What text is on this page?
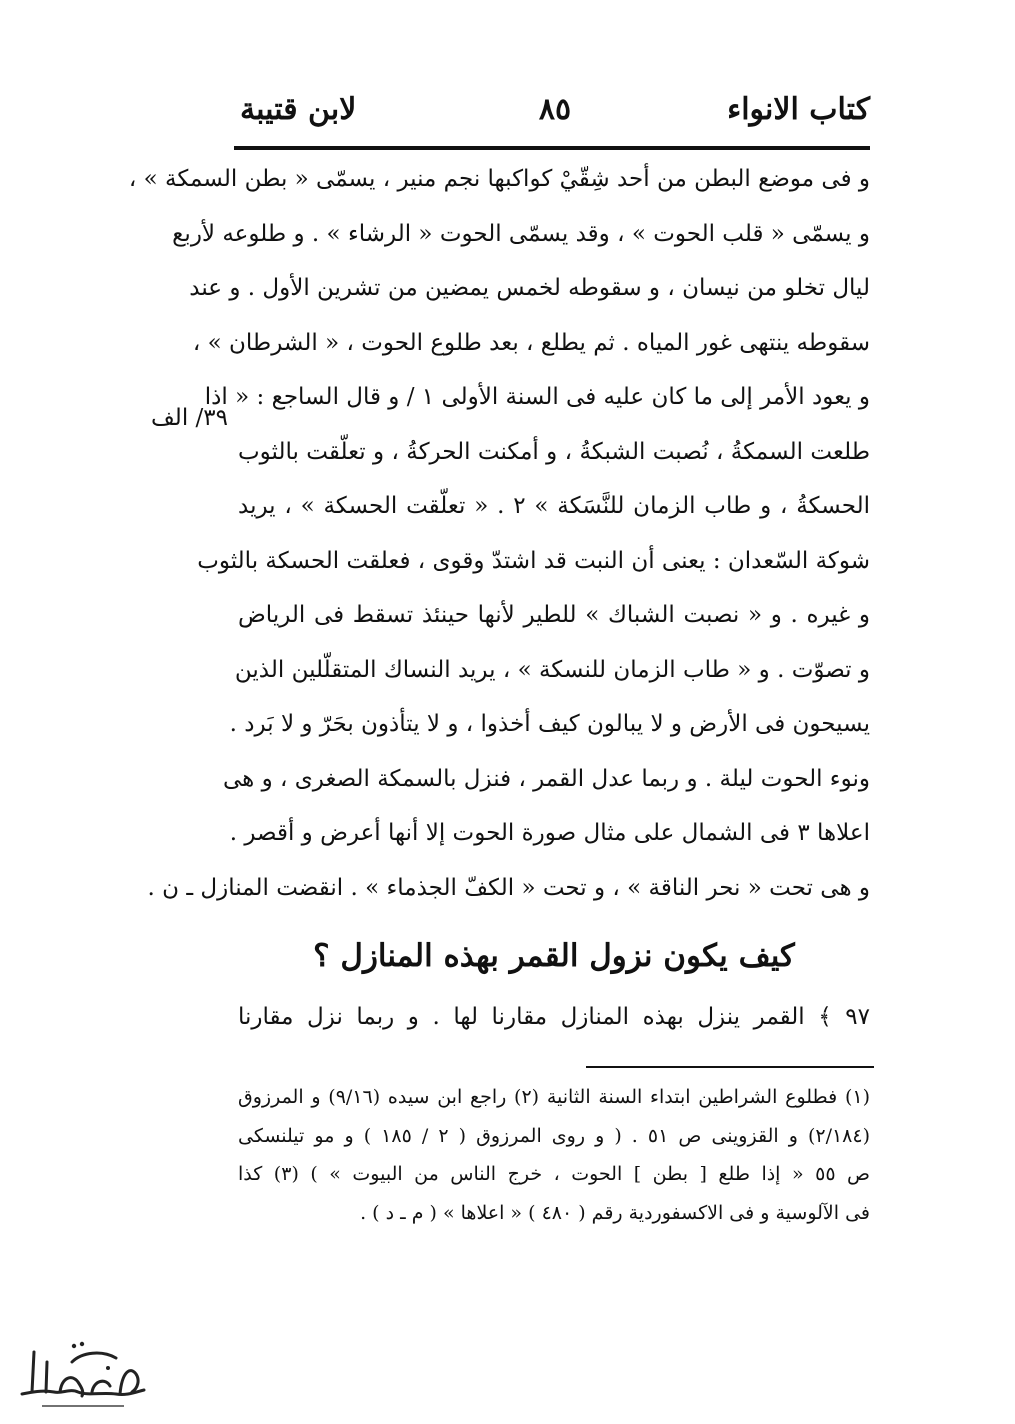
كتاب الانواء
٨٥
لابن قتيبة
٣٩/ الف
و فى موضع البطن من أحد شِقّيْ كواكبها نجم منير ، يسمّى « بطن السمكة » ،
و يسمّى « قلب الحوت » ، وقد يسمّى الحوت « الرشاء » . و طلوعه لأربع
ليال تخلو من نيسان ، و سقوطه لخمس يمضين من تشرين الأول . و عند
سقوطه ينتهى غور المياه . ثم يطلع ، بعد طلوع الحوت ، « الشرطان » ،
و يعود الأمر إلى ما كان عليه فى السنة الأولى ١ / و قال الساجع : « اذا
طلعت السمكةُ ، نُصبت الشبكةُ ، و أمكنت الحركةُ ، و تعلّقت بالثوب
الحسكةُ ، و طاب الزمان للنَّسَكة » ٢ . « تعلّقت الحسكة » ، يريد
شوكة السّعدان : يعنى أن النبت قد اشتدّ وقوى ، فعلقت الحسكة بالثوب
و غيره . و « نصبت الشباك » للطير لأنها حينئذ تسقط فى الرياض
و تصوّت . و « طاب الزمان للنسكة » ، يريد النساك المتقلّلين الذين
يسيحون فى الأرض و لا يبالون كيف أخذوا ، و لا يتأذون بحَرّ و لا بَرد .
ونوء الحوت ليلة . و ربما عدل القمر ، فنزل بالسمكة الصغرى ، و هى
اعلاها ٣ فى الشمال على مثال صورة الحوت إلا أنها أعرض و أقصر .
و هى تحت « نحر الناقة » ، و تحت « الكفّ الجذماء » . انقضت المنازل ـ ن .
كيف يكون نزول القمر بهذه المنازل ؟
٩٧ ﴾ القمر ينزل بهذه المنازل مقارنا لها . و ربما نزل مقارنا
(١) فطلوع الشراطين ابتداء السنة الثانية (٢) راجع ابن سيده (٩/١٦) و المرزوق
(٢/١٨٤) و القزوينى ص ٥١ . ( و روى المرزوق ( ٢ / ١٨٥ ) و مو تيلنسكى
ص ٥٥ « إذا طلع [ بطن ] الحوت ، خرج الناس من البيوت » ) (٣) كذا
فى الآلوسية و فى الاكسفوردية رقم ( ٤٨٠ ) « اعلاها » ( م ـ د ) .
